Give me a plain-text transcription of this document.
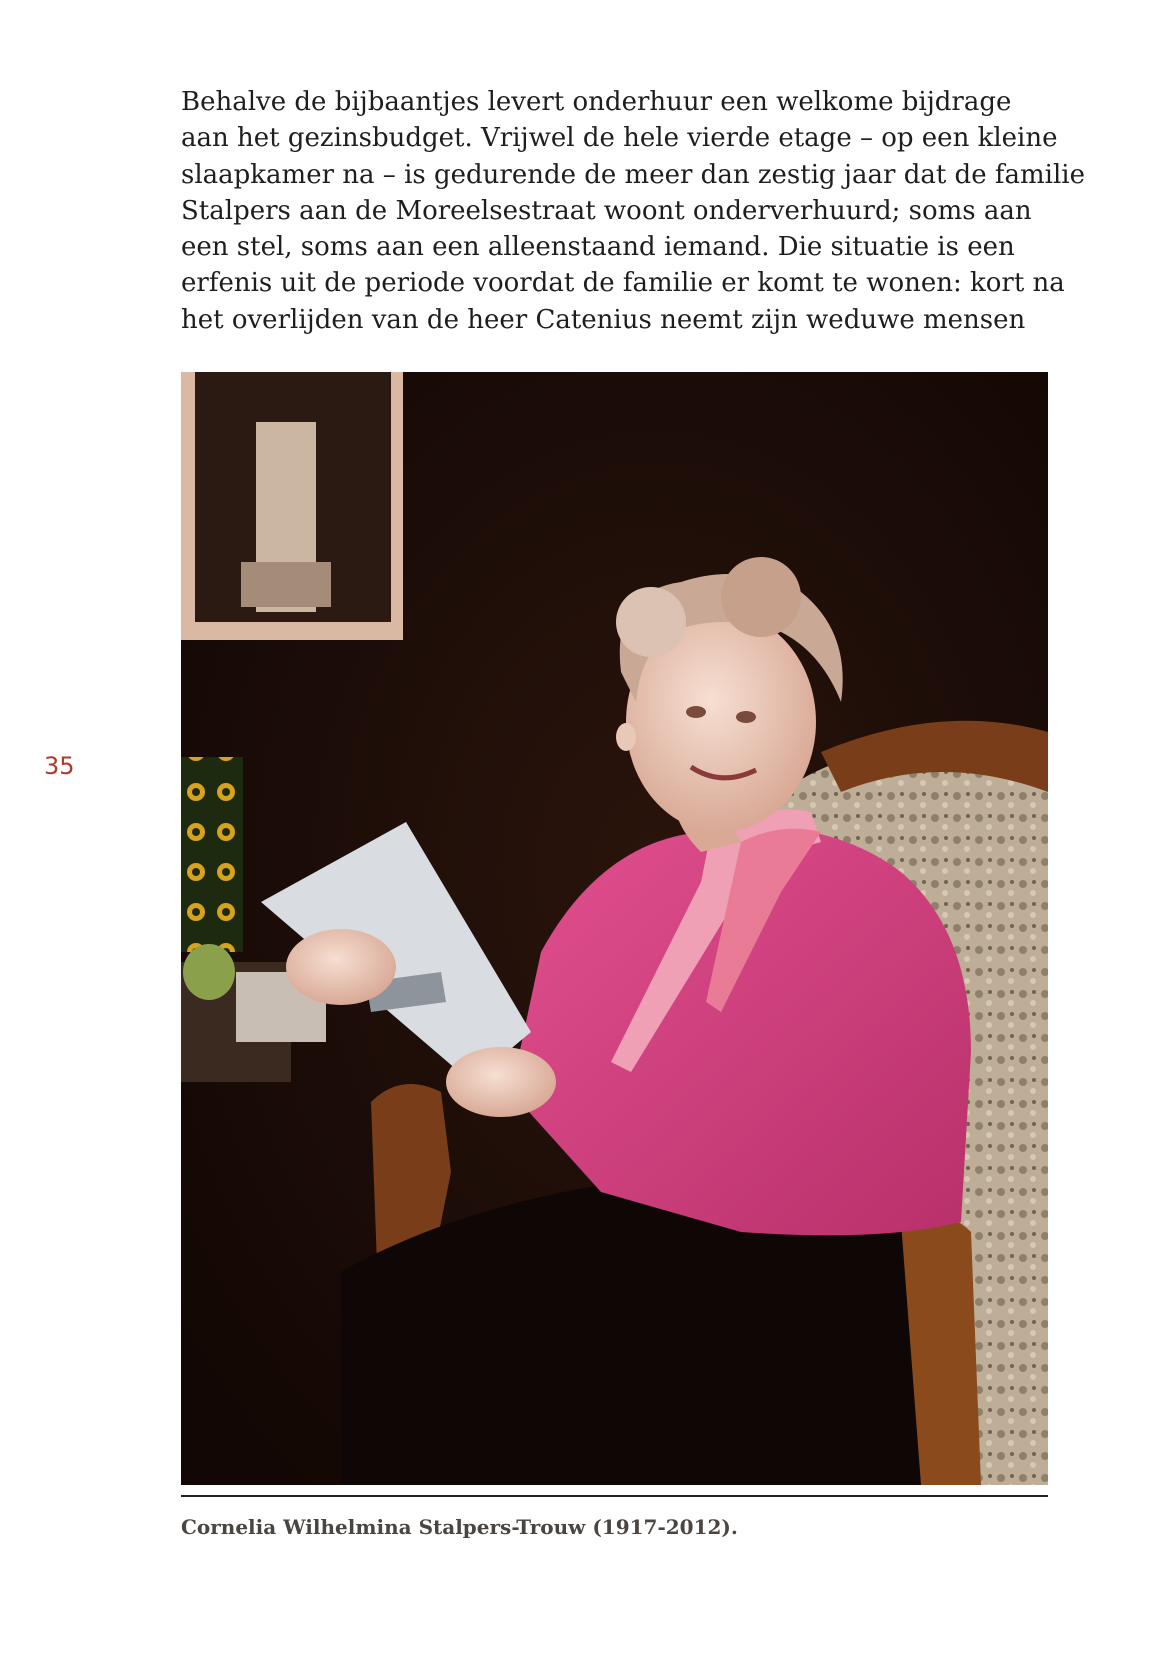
Behalve de bijbaantjes levert onderhuur een welkome bijdrage
aan het gezinsbudget. Vrijwel de hele vierde etage – op een kleine
slaapkamer na – is gedurende de meer dan zestig jaar dat de familie
Stalpers aan de Moreelsestraat woont onderverhuurd; soms aan
een stel, soms aan een alleenstaand iemand. Die situatie is een
erfenis uit de periode voordat de familie er komt te wonen: kort na
het overlijden van de heer Catenius neemt zijn weduwe mensen
35
Cornelia Wilhelmina Stalpers-Trouw (1917-2012).
